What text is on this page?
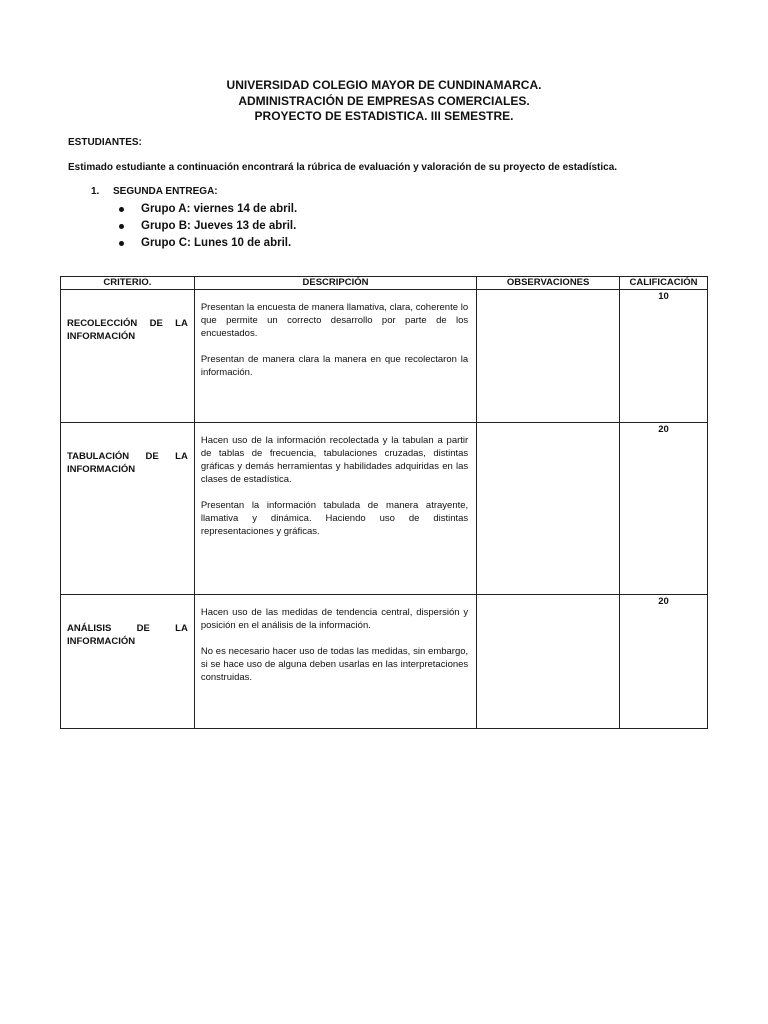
UNIVERSIDAD COLEGIO MAYOR DE CUNDINAMARCA.
ADMINISTRACIÓN DE EMPRESAS COMERCIALES.
PROYECTO DE ESTADISTICA. III SEMESTRE.
ESTUDIANTES:
Estimado estudiante a continuación encontrará la rúbrica de evaluación y valoración de su proyecto de estadística.
1. SEGUNDA ENTREGA:
Grupo A: viernes 14 de abril.
Grupo B: Jueves 13 de abril.
Grupo C: Lunes 10 de abril.
CRITERIO.	DESCRIPCIÓN	OBSERVACIONES	CALIFICACIÓN
RECOLECCIÓN DE LA INFORMACIÓN	Presentan la encuesta de manera llamativa, clara, coherente lo que permite un correcto desarrollo por parte de los encuestados.

Presentan de manera clara la manera en que recolectaron la información.		10
TABULACIÓN DE LA INFORMACIÓN	Hacen uso de la información recolectada y la tabulan a partir de tablas de frecuencia, tabulaciones cruzadas, distintas gráficas y demás herramientas y habilidades adquiridas en las clases de estadística.

Presentan la información tabulada de manera atrayente, llamativa y dinámica. Haciendo uso de distintas representaciones y gráficas.		20
ANÁLISIS DE LA INFORMACIÓN	Hacen uso de las medidas de tendencia central, dispersión y posición en el análisis de la información.

No es necesario hacer uso de todas las medidas, sin embargo, si se hace uso de alguna deben usarlas en las interpretaciones construidas.		20
